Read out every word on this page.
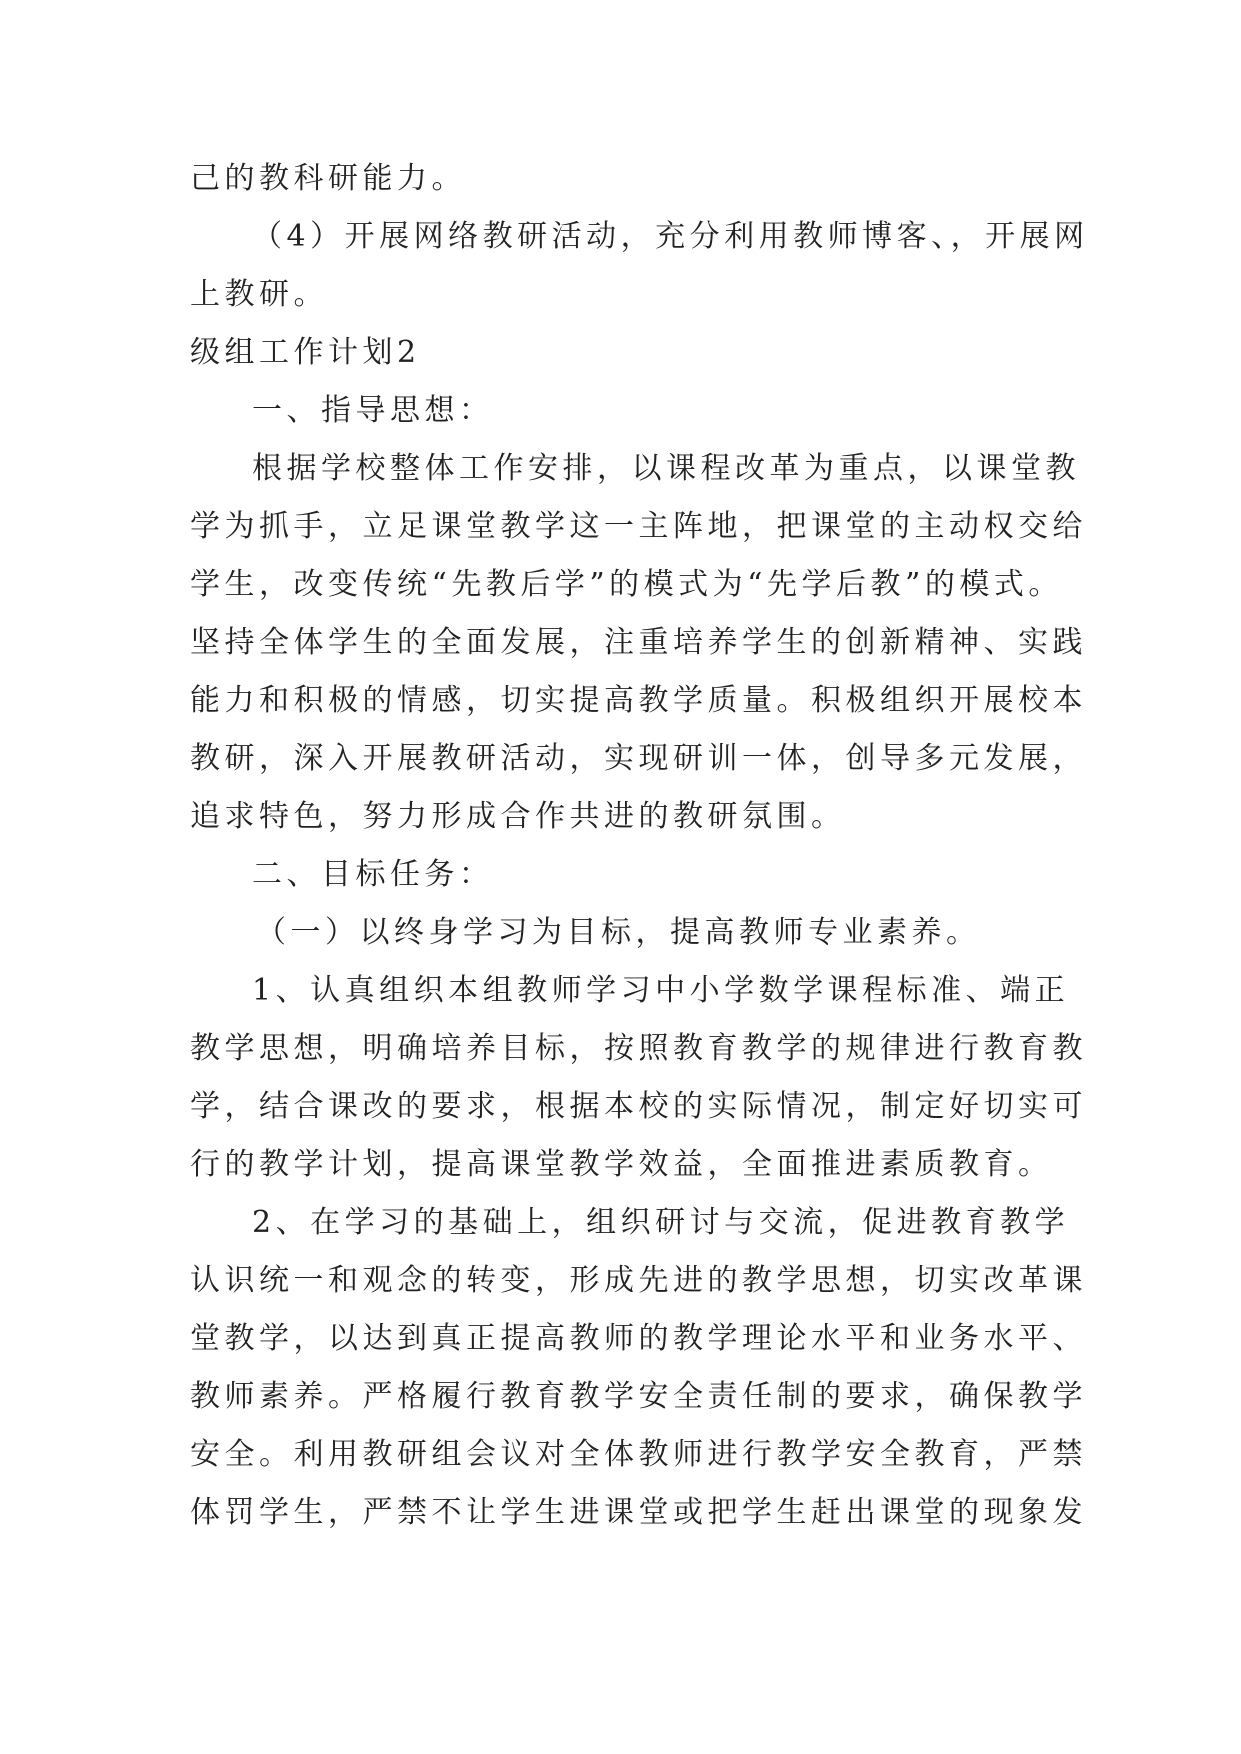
己的教科研能力。
（4）开展网络教研活动，充分利用教师博客、，开展网
上教研。
级组工作计划2
一、指导思想：
根据学校整体工作安排，以课程改革为重点，以课堂教
学为抓手，立足课堂教学这一主阵地，把课堂的主动权交给
学生，改变传统“先教后学”的模式为“先学后教”的模式。
坚持全体学生的全面发展，注重培养学生的创新精神、实践
能力和积极的情感，切实提高教学质量。积极组织开展校本
教研，深入开展教研活动，实现研训一体，创导多元发展，
追求特色，努力形成合作共进的教研氛围。
二、目标任务：
（一）以终身学习为目标，提高教师专业素养。
1、认真组织本组教师学习中小学数学课程标准、端正
教学思想，明确培养目标，按照教育教学的规律进行教育教
学，结合课改的要求，根据本校的实际情况，制定好切实可
行的教学计划，提高课堂教学效益，全面推进素质教育。
2、在学习的基础上，组织研讨与交流，促进教育教学
认识统一和观念的转变，形成先进的教学思想，切实改革课
堂教学，以达到真正提高教师的教学理论水平和业务水平、
教师素养。严格履行教育教学安全责任制的要求，确保教学
安全。利用教研组会议对全体教师进行教学安全教育，严禁
体罚学生，严禁不让学生进课堂或把学生赶出课堂的现象发
